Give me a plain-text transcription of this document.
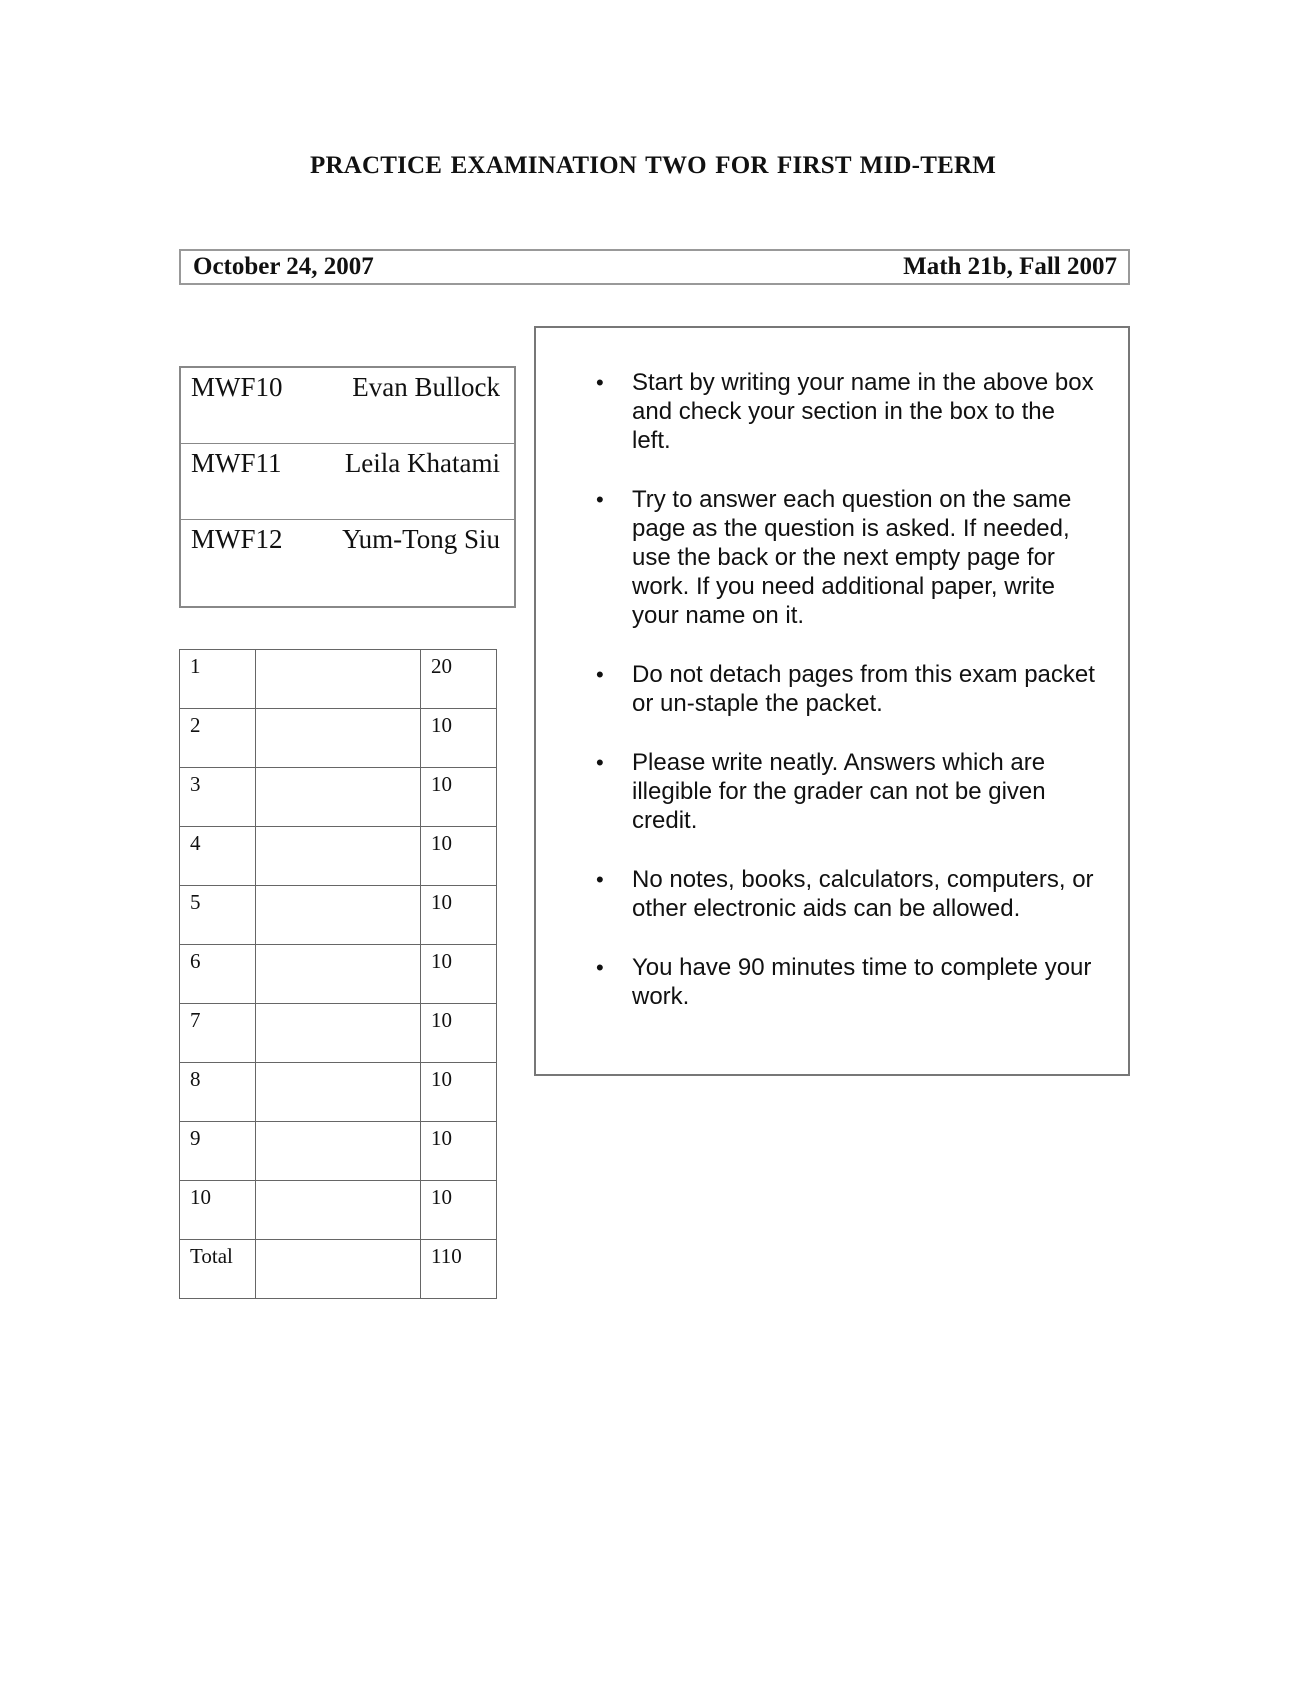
PRACTICE EXAMINATION TWO FOR FIRST MID-TERM
October 24, 2007	Math 21b, Fall 2007
MWF10	Evan Bullock
MWF11 Leila Khatami
MWF12 Yum-Tong Siu
1		20
2		10
3		10
4		10
5		10
6		10
7		10
8		10
9		10
10		10
Total		110
• Start by writing your name in the above box and check your section in the box to the left.
• Try to answer each question on the same page as the question is asked. If needed, use the back or the next empty page for work. If you need additional paper, write your name on it.
• Do not detach pages from this exam packet or un-staple the packet.
• Please write neatly. Answers which are illegible for the grader can not be given credit.
• No notes, books, calculators, computers, or other electronic aids can be allowed.
• You have 90 minutes time to complete your work.
